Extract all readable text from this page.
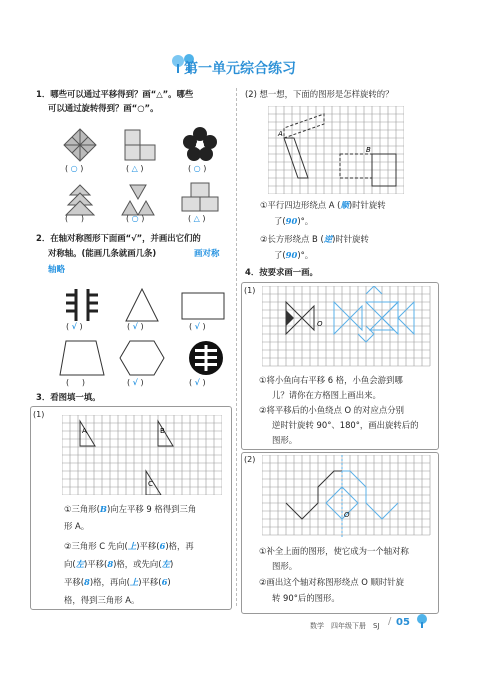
第一单元综合练习
1．哪些可以通过平移得到？画“△”。哪些
可以通过旋转得到？画“○”。
( ○ )	( △ )	( ○ )
(     )	( ○ )	( △ )
2．在轴对称图形下面画“√”，并画出它们的
对称轴。(能画几条就画几条)	画对称
轴略
( √ )	( √ )	( √ )
(     )	( √ )	( √ )
3．看图填一填。
(1)
A	B
C
①三角形(B)向左平移 9 格得到三角
形 A。
②三角形 C 先向(上)平移(6)格，再
向(左)平移(8)格，或先向(左)
平移(8)格，再向(上)平移(6)
格，得到三角形 A。
(2) 想一想，下面的图形是怎样旋转的？
A
B
①平行四边形绕点 A (顺)时针旋转
了(90)°。
②长方形绕点 B (逆)时针旋转
了(90)°。
4．按要求画一画。
(1)
O
①将小鱼向右平移 6 格，小鱼会游到哪
儿？请你在方格图上画出来。
②将平移后的小鱼绕点 O 的对应点分别
逆时针旋转 90°、180°，画出旋转后的
图形。
(2)
O
①补全上面的图形，使它成为一个轴对称
图形。
②画出这个轴对称图形绕点 O 顺时针旋
转 90°后的图形。
数学　四年级下册　SJ / 05
